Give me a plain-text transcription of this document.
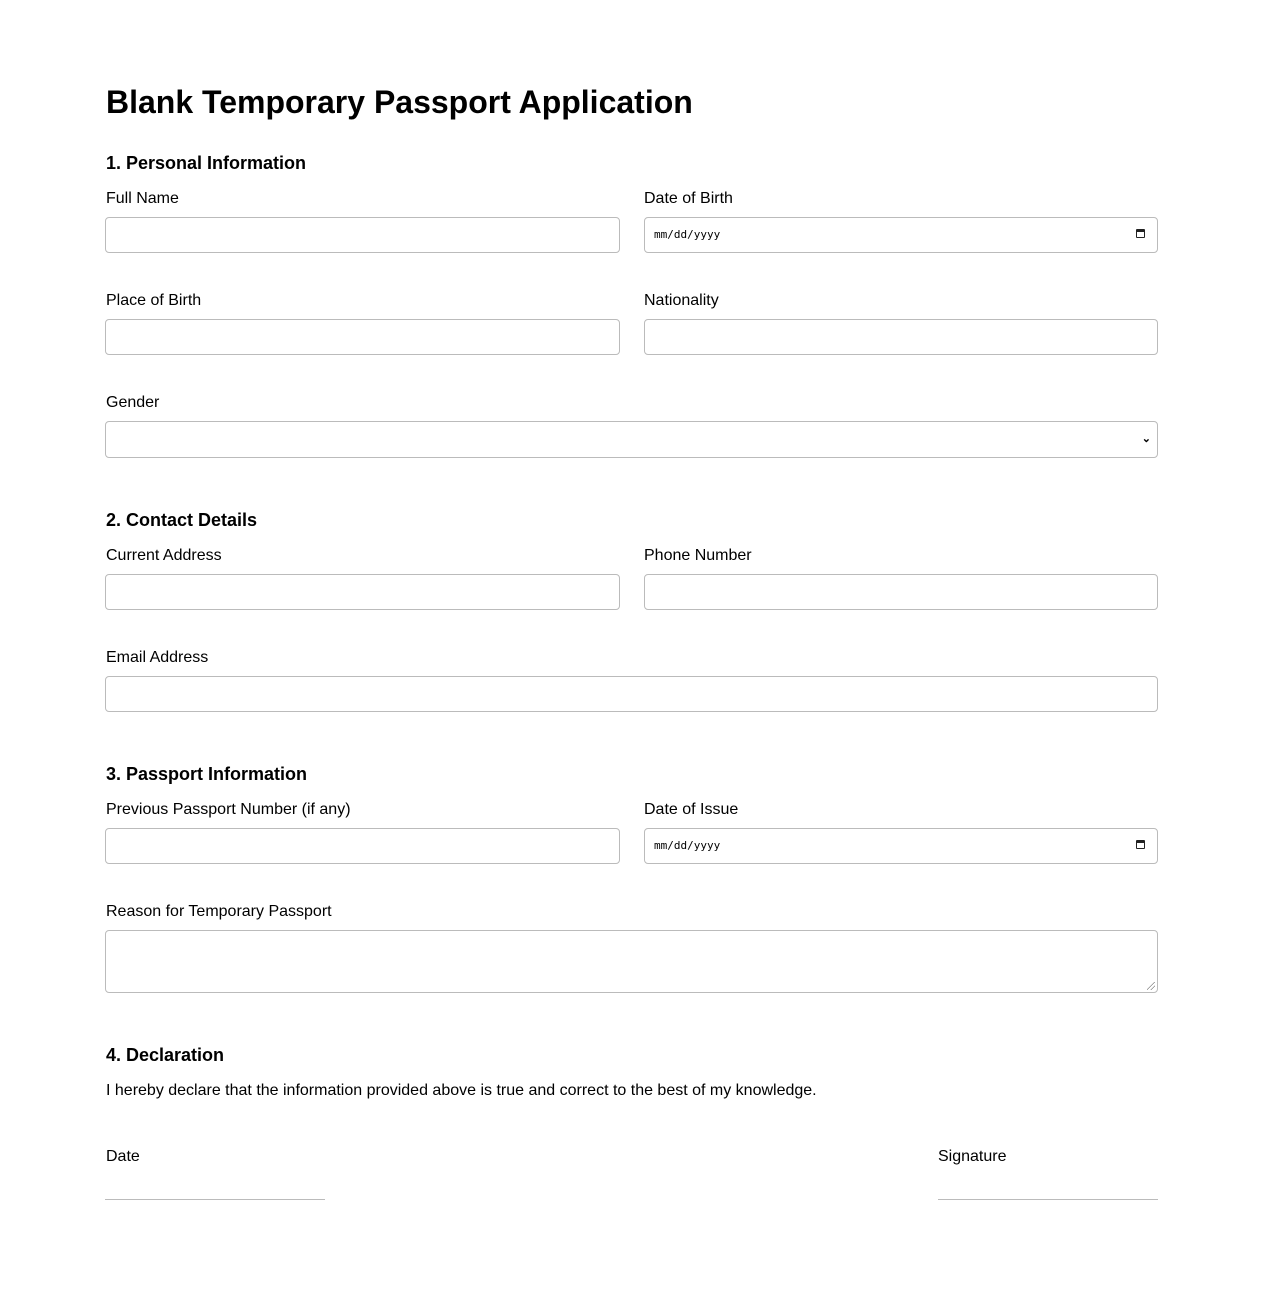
Blank Temporary Passport Application
1. Personal Information
Full Name	Date of Birth
mm/dd/yyyy
Place of Birth	Nationality
Gender
⌄
2. Contact Details
Current Address	Phone Number
Email Address
3. Passport Information
Previous Passport Number (if any)	Date of Issue
mm/dd/yyyy
Reason for Temporary Passport
4. Declaration
I hereby declare that the information provided above is true and correct to the best of my knowledge.
Date	Signature
